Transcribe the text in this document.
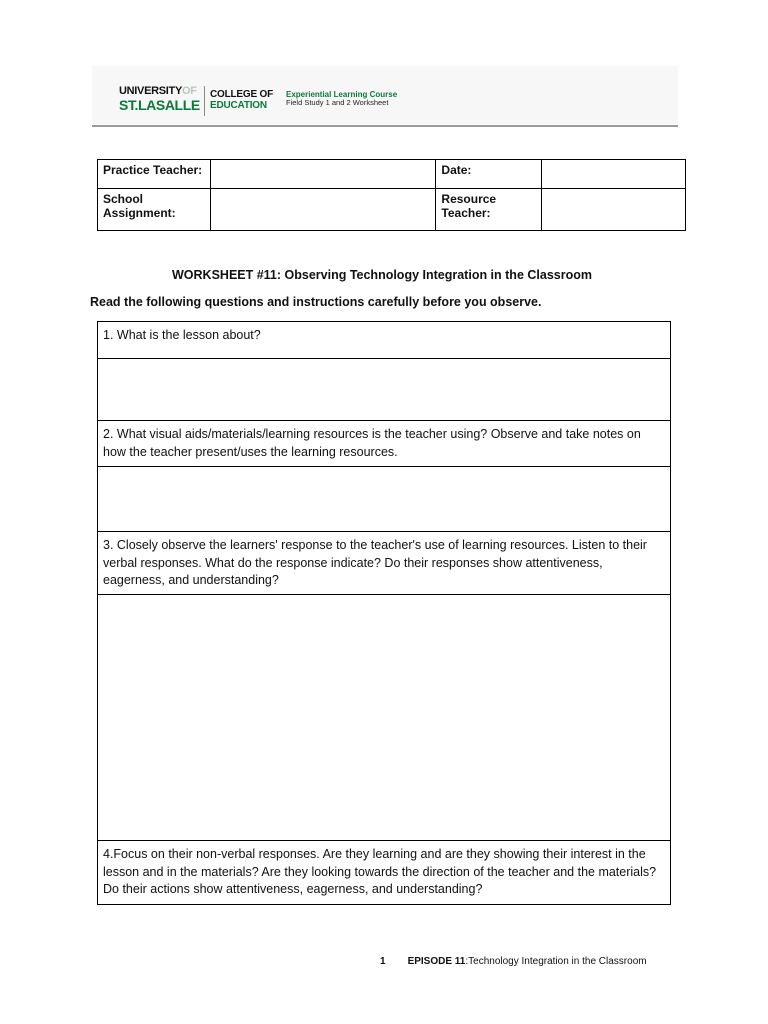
UNIVERSITYOF
ST.LASALLE
COLLEGE OF
EDUCATION
Experiential Learning Course
Field Study 1 and 2 Worksheet
Practice Teacher:		Date:	
School Assignment:		Resource Teacher:	
WORKSHEET #11: Observing Technology Integration in the Classroom
Read the following questions and instructions carefully before you observe.
1. What is the lesson about?
2. What visual aids/materials/learning resources is the teacher using? Observe and take notes on how the teacher present/uses the learning resources.
3. Closely observe the learners' response to the teacher's use of learning resources. Listen to their verbal responses. What do the response indicate? Do their responses show attentiveness, eagerness, and understanding?
4.Focus on their non-verbal responses. Are they learning and are they showing their interest in the lesson and in the materials? Are they looking towards the direction of the teacher and the materials? Do their actions show attentiveness, eagerness, and understanding?
1 EPISODE 11:Technology Integration in the Classroom
